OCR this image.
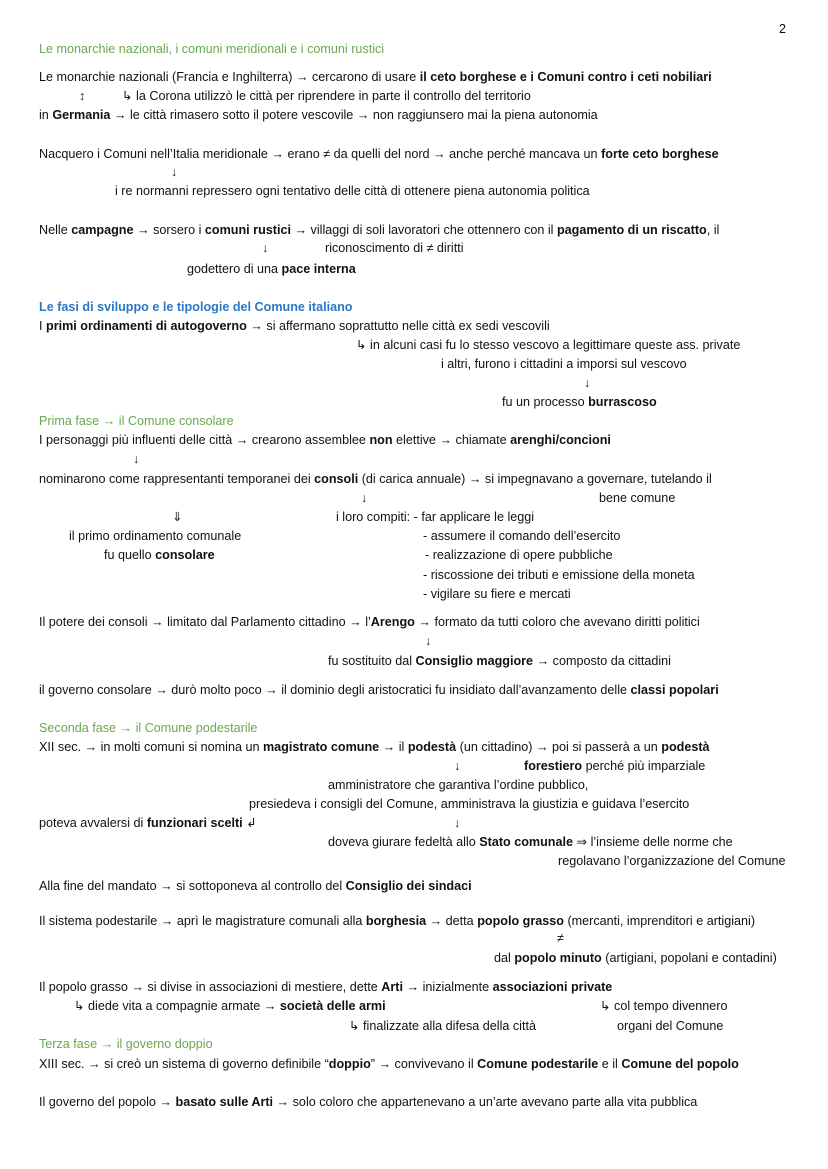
2
Le monarchie nazionali, i comuni meridionali e i comuni rustici
Le monarchie nazionali (Francia e Inghilterra) → cercarono di usare il ceto borghese e i Comuni contro i ceti nobiliari
↕	↳ la Corona utilizzò le città per riprendere in parte il controllo del territorio
in Germania → le città rimasero sotto il potere vescovile → non raggiunsero mai la piena autonomia
Nacquero i Comuni nell’Italia meridionale → erano ≠ da quelli del nord → anche perché mancava un forte ceto borghese
↓
i re normanni repressero ogni tentativo delle città di ottenere piena autonomia politica
Nelle campagne → sorsero i comuni rustici → villaggi di soli lavoratori che ottennero con il pagamento di un riscatto, il
↓	riconoscimento di ≠ diritti
godettero di una pace interna
Le fasi di sviluppo e le tipologie del Comune italiano
I primi ordinamenti di autogoverno → si affermano soprattutto nelle città ex sedi vescovili
↳ in alcuni casi fu lo stesso vescovo a legittimare queste ass. private
i altri, furono i cittadini a imporsi sul vescovo
↓
fu un processo burrascoso
Prima fase → il Comune consolare
I personaggi più influenti delle città → crearono assemblee non elettive → chiamate arenghi/concioni
↓
nominarono come rappresentanti temporanei dei consoli (di carica annuale) → si impegnavano a governare, tutelando il
↓	bene comune
⇓	i loro compiti: - far applicare le leggi
il primo ordinamento comunale	- assumere il comando dell’esercito
fu quello consolare	- realizzazione di opere pubbliche
- riscossione dei tributi e emissione della moneta
- vigilare su fiere e mercati
Il potere dei consoli → limitato dal Parlamento cittadino → l’Arengo → formato da tutti coloro che avevano diritti politici
↓
fu sostituito dal Consiglio maggiore → composto da cittadini
il governo consolare → durò molto poco → il dominio degli aristocratici fu insidiato dall’avanzamento delle classi popolari
Seconda fase → il Comune podestarile
XII sec. → in molti comuni si nomina un magistrato comune → il podestà (un cittadino) → poi si passerà a un podestà
↓	forestiero perché più imparziale
amministratore che garantiva l’ordine pubblico,
presiedeva i consigli del Comune, amministrava la giustizia e guidava l’esercito
poteva avvalersi di funzionari scelti ↲	↓
doveva giurare fedeltà allo Stato comunale ⇒ l’insieme delle norme che
regolavano l’organizzazione del Comune
Alla fine del mandato → si sottoponeva al controllo del Consiglio dei sindaci
Il sistema podestarile → aprì le magistrature comunali alla borghesia → detta popolo grasso (mercanti, imprenditori e artigiani)
≠
dal popolo minuto (artigiani, popolani e contadini)
Il popolo grasso → si divise in associazioni di mestiere, dette Arti → inizialmente associazioni private
↳ diede vita a compagnie armate → società delle armi	↳ col tempo divennero
↳ finalizzate alla difesa della città	organi del Comune
Terza fase → il governo doppio
XIII sec. → si creò un sistema di governo definibile “doppio” → convivevano il Comune podestarile e il Comune del popolo
Il governo del popolo → basato sulle Arti → solo coloro che appartenevano a un’arte avevano parte alla vita pubblica
